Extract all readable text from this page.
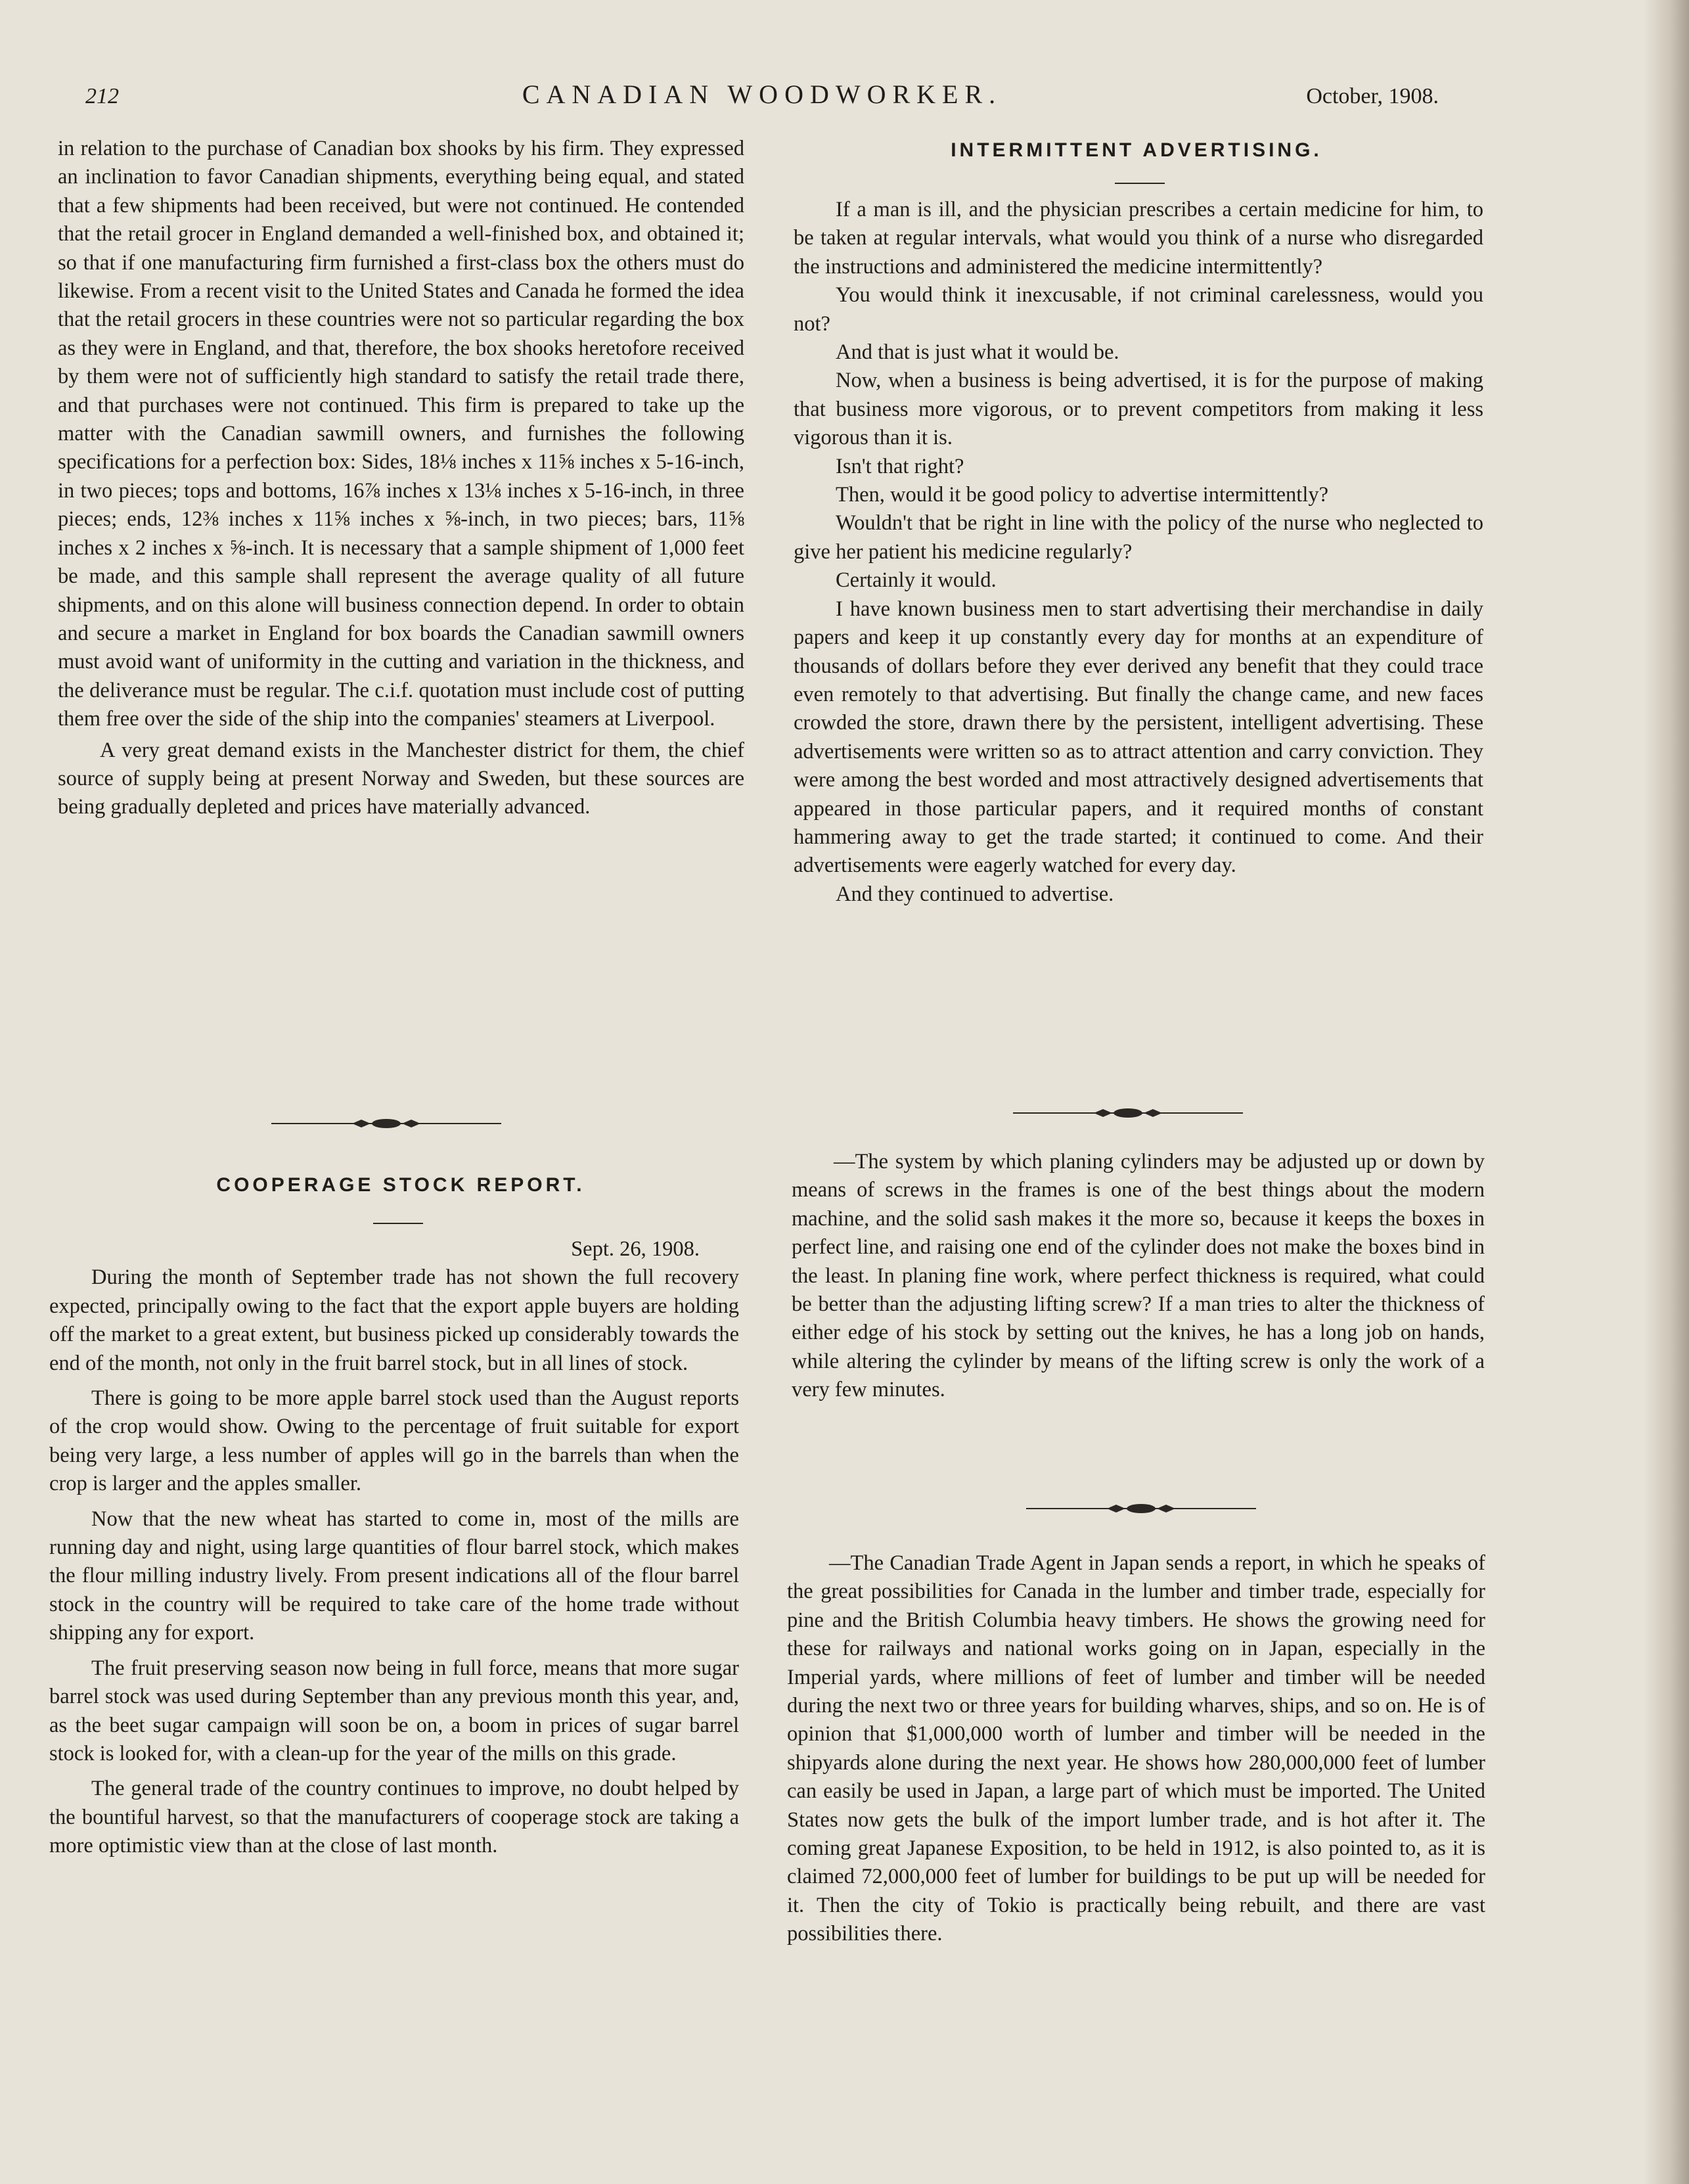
212	CANADIAN WOODWORKER.	October, 1908.

in relation to the purchase of Canadian box shooks by his firm. They expressed an inclination to favor Canadian shipments, everything being equal, and stated that a few shipments had been received, but were not continued. He contended that the retail grocer in England demanded a well-finished box, and obtained it; so that if one manufacturing firm furnished a first-class box the others must do likewise. From a recent visit to the United States and Canada he formed the idea that the retail grocers in these countries were not so particular regarding the box as they were in England, and that, therefore, the box shooks heretofore received by them were not of sufficiently high standard to satisfy the retail trade there, and that purchases were not continued. This firm is prepared to take up the matter with the Canadian sawmill owners, and furnishes the following specifications for a perfection box: Sides, 18⅛ inches x 11⅝ inches x 5-16-inch, in two pieces; tops and bottoms, 16⅞ inches x 13⅛ inches x 5-16-inch, in three pieces; ends, 12⅜ inches x 11⅝ inches x ⅝-inch, in two pieces; bars, 11⅝ inches x 2 inches x ⅝-inch. It is necessary that a sample shipment of 1,000 feet be made, and this sample shall represent the average quality of all future shipments, and on this alone will business connection depend. In order to obtain and secure a market in England for box boards the Canadian sawmill owners must avoid want of uniformity in the cutting and variation in the thickness, and the deliverance must be regular. The c.i.f. quotation must include cost of putting them free over the side of the ship into the companies' steamers at Liverpool.

A very great demand exists in the Manchester district for them, the chief source of supply being at present Norway and Sweden, but these sources are being gradually depleted and prices have materially advanced.

COOPERAGE STOCK REPORT.

Sept. 26, 1908.

During the month of September trade has not shown the full recovery expected, principally owing to the fact that the export apple buyers are holding off the market to a great extent, but business picked up considerably towards the end of the month, not only in the fruit barrel stock, but in all lines of stock.

There is going to be more apple barrel stock used than the August reports of the crop would show. Owing to the percentage of fruit suitable for export being very large, a less number of apples will go in the barrels than when the crop is larger and the apples smaller.

Now that the new wheat has started to come in, most of the mills are running day and night, using large quantities of flour barrel stock, which makes the flour milling industry lively. From present indications all of the flour barrel stock in the country will be required to take care of the home trade without shipping any for export.

The fruit preserving season now being in full force, means that more sugar barrel stock was used during September than any previous month this year, and, as the beet sugar campaign will soon be on, a boom in prices of sugar barrel stock is looked for, with a clean-up for the year of the mills on this grade.

The general trade of the country continues to improve, no doubt helped by the bountiful harvest, so that the manufacturers of cooperage stock are taking a more optimistic view than at the close of last month.

INTERMITTENT ADVERTISING.

If a man is ill, and the physician prescribes a certain medicine for him, to be taken at regular intervals, what would you think of a nurse who disregarded the instructions and administered the medicine intermittently?

You would think it inexcusable, if not criminal carelessness, would you not?

And that is just what it would be.

Now, when a business is being advertised, it is for the purpose of making that business more vigorous, or to prevent competitors from making it less vigorous than it is.

Isn't that right?

Then, would it be good policy to advertise intermittently?

Wouldn't that be right in line with the policy of the nurse who neglected to give her patient his medicine regularly?

Certainly it would.

I have known business men to start advertising their merchandise in daily papers and keep it up constantly every day for months at an expenditure of thousands of dollars before they ever derived any benefit that they could trace even remotely to that advertising. But finally the change came, and new faces crowded the store, drawn there by the persistent, intelligent advertising. These advertisements were written so as to attract attention and carry conviction. They were among the best worded and most attractively designed advertisements that appeared in those particular papers, and it required months of constant hammering away to get the trade started; it continued to come. And their advertisements were eagerly watched for every day.

And they continued to advertise.

—The system by which planing cylinders may be adjusted up or down by means of screws in the frames is one of the best things about the modern machine, and the solid sash makes it the more so, because it keeps the boxes in perfect line, and raising one end of the cylinder does not make the boxes bind in the least. In planing fine work, where perfect thickness is required, what could be better than the adjusting lifting screw? If a man tries to alter the thickness of either edge of his stock by setting out the knives, he has a long job on hands, while altering the cylinder by means of the lifting screw is only the work of a very few minutes.

—The Canadian Trade Agent in Japan sends a report, in which he speaks of the great possibilities for Canada in the lumber and timber trade, especially for pine and the British Columbia heavy timbers. He shows the growing need for these for railways and national works going on in Japan, especially in the Imperial yards, where millions of feet of lumber and timber will be needed during the next two or three years for building wharves, ships, and so on. He is of opinion that $1,000,000 worth of lumber and timber will be needed in the shipyards alone during the next year. He shows how 280,000,000 feet of lumber can easily be used in Japan, a large part of which must be imported. The United States now gets the bulk of the import lumber trade, and is hot after it. The coming great Japanese Exposition, to be held in 1912, is also pointed to, as it is claimed 72,000,000 feet of lumber for buildings to be put up will be needed for it. Then the city of Tokio is practically being rebuilt, and there are vast possibilities there.
